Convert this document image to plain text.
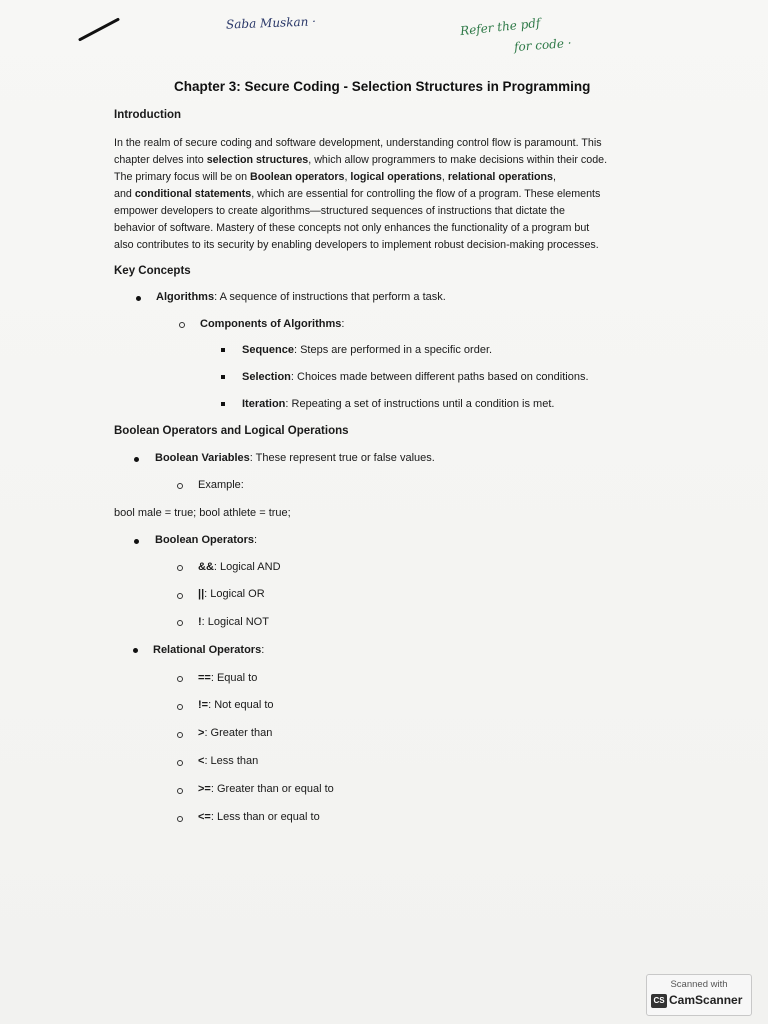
Saba Muskan ·	Refer the pdf
for code ·
Chapter 3: Secure Coding - Selection Structures in Programming
Introduction
In the realm of secure coding and software development, understanding control flow is paramount. This
chapter delves into selection structures, which allow programmers to make decisions within their code.
The primary focus will be on Boolean operators, logical operations, relational operations,
and conditional statements, which are essential for controlling the flow of a program. These elements
empower developers to create algorithms—structured sequences of instructions that dictate the
behavior of software. Mastery of these concepts not only enhances the functionality of a program but
also contributes to its security by enabling developers to implement robust decision-making processes.
Key Concepts
Algorithms: A sequence of instructions that perform a task.
Components of Algorithms:
Sequence: Steps are performed in a specific order.
Selection: Choices made between different paths based on conditions.
Iteration: Repeating a set of instructions until a condition is met.
Boolean Operators and Logical Operations
Boolean Variables: These represent true or false values.
Example:
bool male = true; bool athlete = true;
Boolean Operators:
&&: Logical AND
||: Logical OR
!: Logical NOT
Relational Operators:
==: Equal to
!=: Not equal to
>: Greater than
<: Less than
>=: Greater than or equal to
<=: Less than or equal to
Scanned with
CS CamScanner
